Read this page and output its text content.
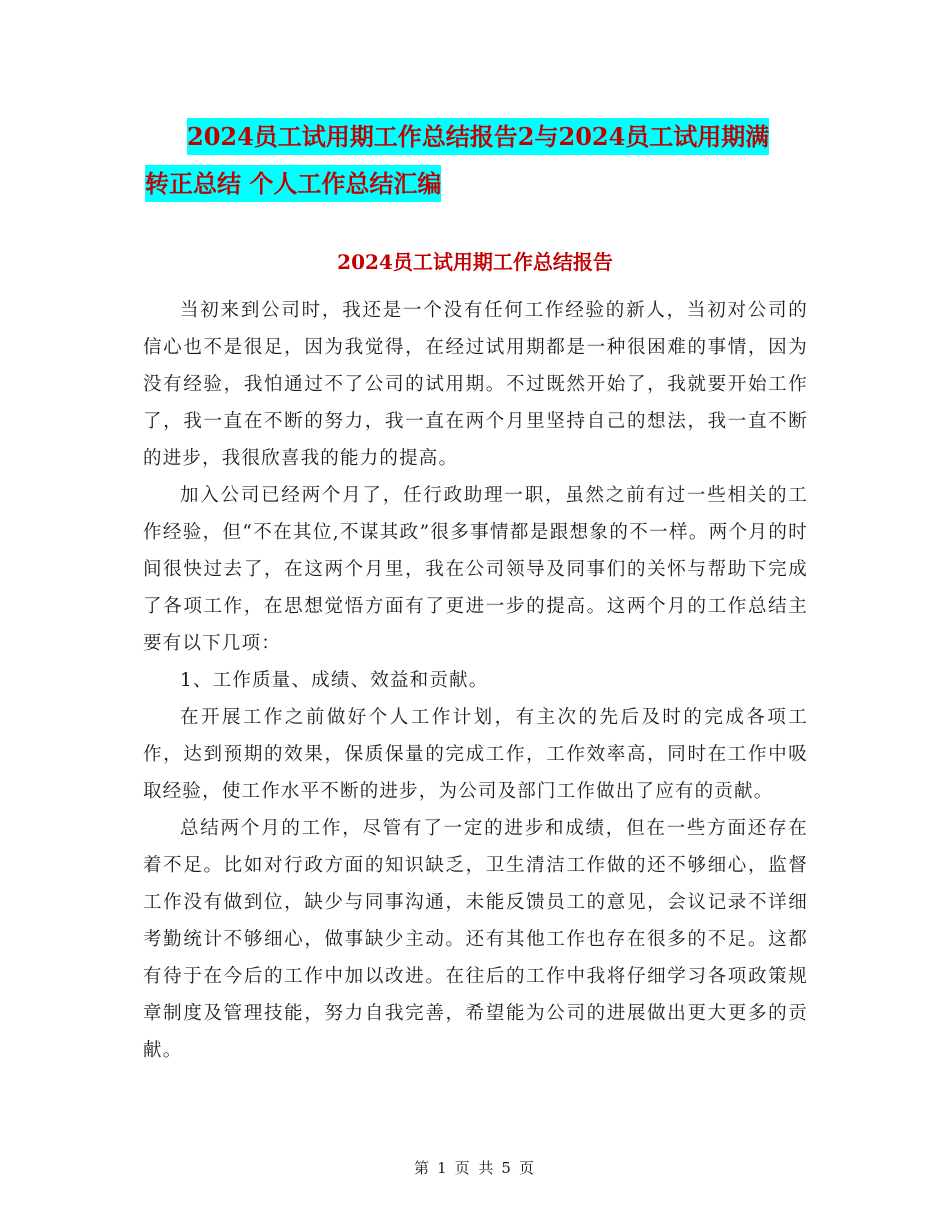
2024员工试用期工作总结报告2与2024员工试用期满
转正总结 个人工作总结汇编
2024员工试用期工作总结报告

当初来到公司时，我还是一个没有任何工作经验的新人，当初对公司的信心也不是很足，因为我觉得，在经过试用期都是一种很困难的事情，因为没有经验，我怕通过不了公司的试用期。不过既然开始了，我就要开始工作了，我一直在不断的努力，我一直在两个月里坚持自己的想法，我一直不断的进步，我很欣喜我的能力的提高。

加入公司已经两个月了，任行政助理一职，虽然之前有过一些相关的工作经验，但“不在其位,不谋其政”很多事情都是跟想象的不一样。两个月的时间很快过去了，在这两个月里，我在公司领导及同事们的关怀与帮助下完成了各项工作，在思想觉悟方面有了更进一步的提高。这两个月的工作总结主要有以下几项：

1、工作质量、成绩、效益和贡献。

在开展工作之前做好个人工作计划，有主次的先后及时的完成各项工作，达到预期的效果，保质保量的完成工作，工作效率高，同时在工作中吸取经验，使工作水平不断的进步，为公司及部门工作做出了应有的贡献。

总结两个月的工作，尽管有了一定的进步和成绩，但在一些方面还存在着不足。比如对行政方面的知识缺乏，卫生清洁工作做的还不够细心，监督工作没有做到位，缺少与同事沟通，未能反馈员工的意见，会议记录不详细考勤统计不够细心，做事缺少主动。还有其他工作也存在很多的不足。这都有待于在今后的工作中加以改进。在往后的工作中我将仔细学习各项政策规章制度及管理技能，努力自我完善，希望能为公司的进展做出更大更多的贡献。

第 1 页 共 5 页
